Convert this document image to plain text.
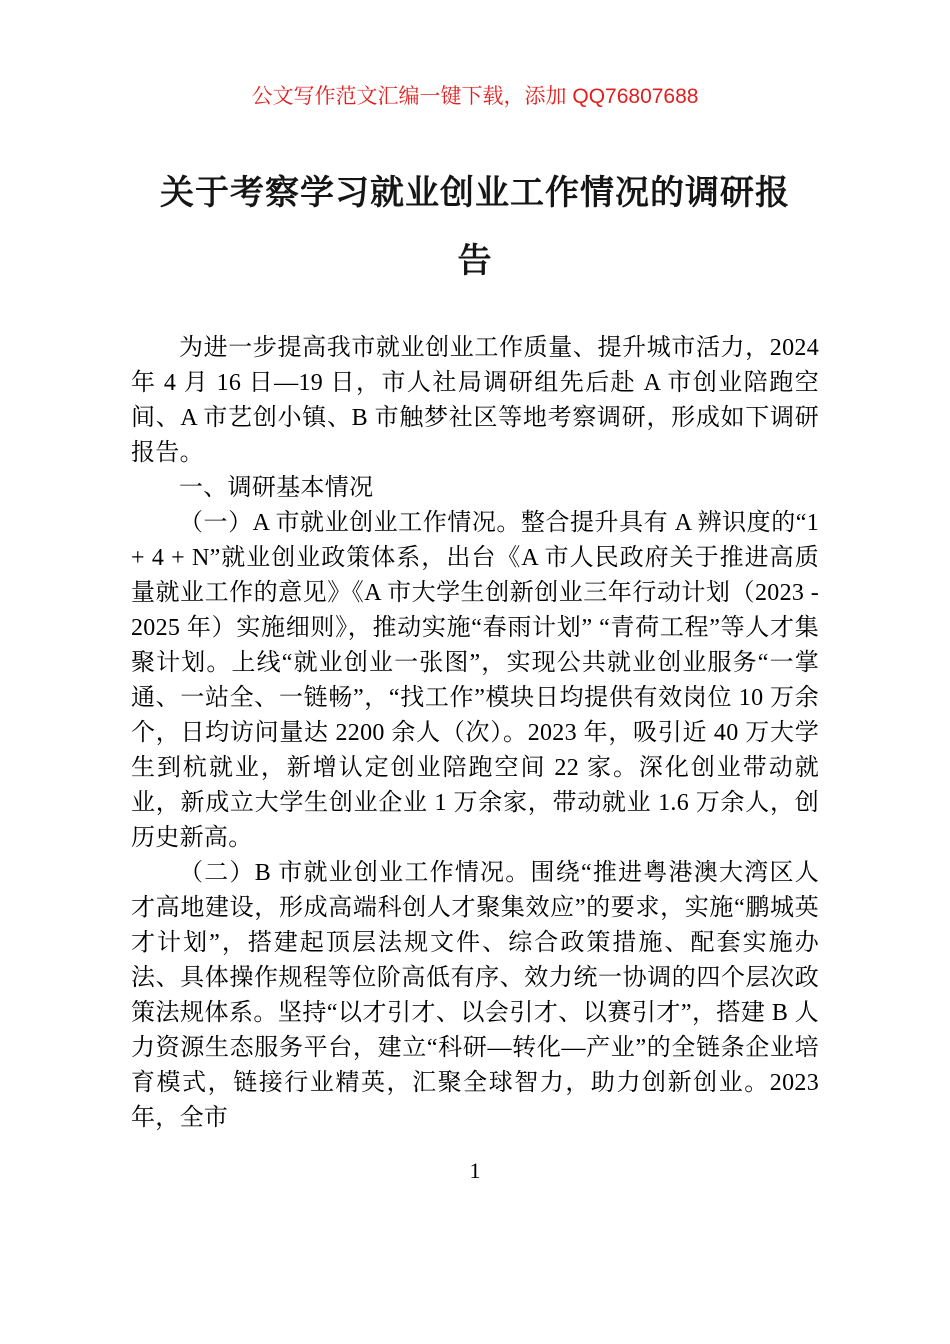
公文写作范文汇编一键下载，添加 QQ76807688
关于考察学习就业创业工作情况的调研报告

为进一步提高我市就业创业工作质量、提升城市活力，2024 年 4 月 16 日—19 日，市人社局调研组先后赴 A 市创业陪跑空间、A 市艺创小镇、B 市触梦社区等地考察调研，形成如下调研报告。

一、调研基本情况

（一）A 市就业创业工作情况。整合提升具有 A 辨识度的“1 + 4 + N”就业创业政策体系，出台《A 市人民政府关于推进高质量就业工作的意见》《A 市大学生创新创业三年行动计划（2023 - 2025 年）实施细则》，推动实施“春雨计划” “青荷工程”等人才集聚计划。上线“就业创业一张图”，实现公共就业创业服务“一掌通、一站全、一链畅”，“找工作”模块日均提供有效岗位 10 万余个，日均访问量达 2200 余人（次）。2023 年，吸引近 40 万大学生到杭就业，新增认定创业陪跑空间 22 家。深化创业带动就业，新成立大学生创业企业 1 万余家，带动就业 1.6 万余人，创历史新高。

（二）B 市就业创业工作情况。围绕“推进粤港澳大湾区人才高地建设，形成高端科创人才聚集效应”的要求，实施“鹏城英才计划”，搭建起顶层法规文件、综合政策措施、配套实施办法、具体操作规程等位阶高低有序、效力统一协调的四个层次政策法规体系。坚持“以才引才、以会引才、以赛引才”，搭建 B 人力资源生态服务平台，建立“科研—转化—产业”的全链条企业培育模式，链接行业精英，汇聚全球智力，助力创新创业。2023 年，全市

1
